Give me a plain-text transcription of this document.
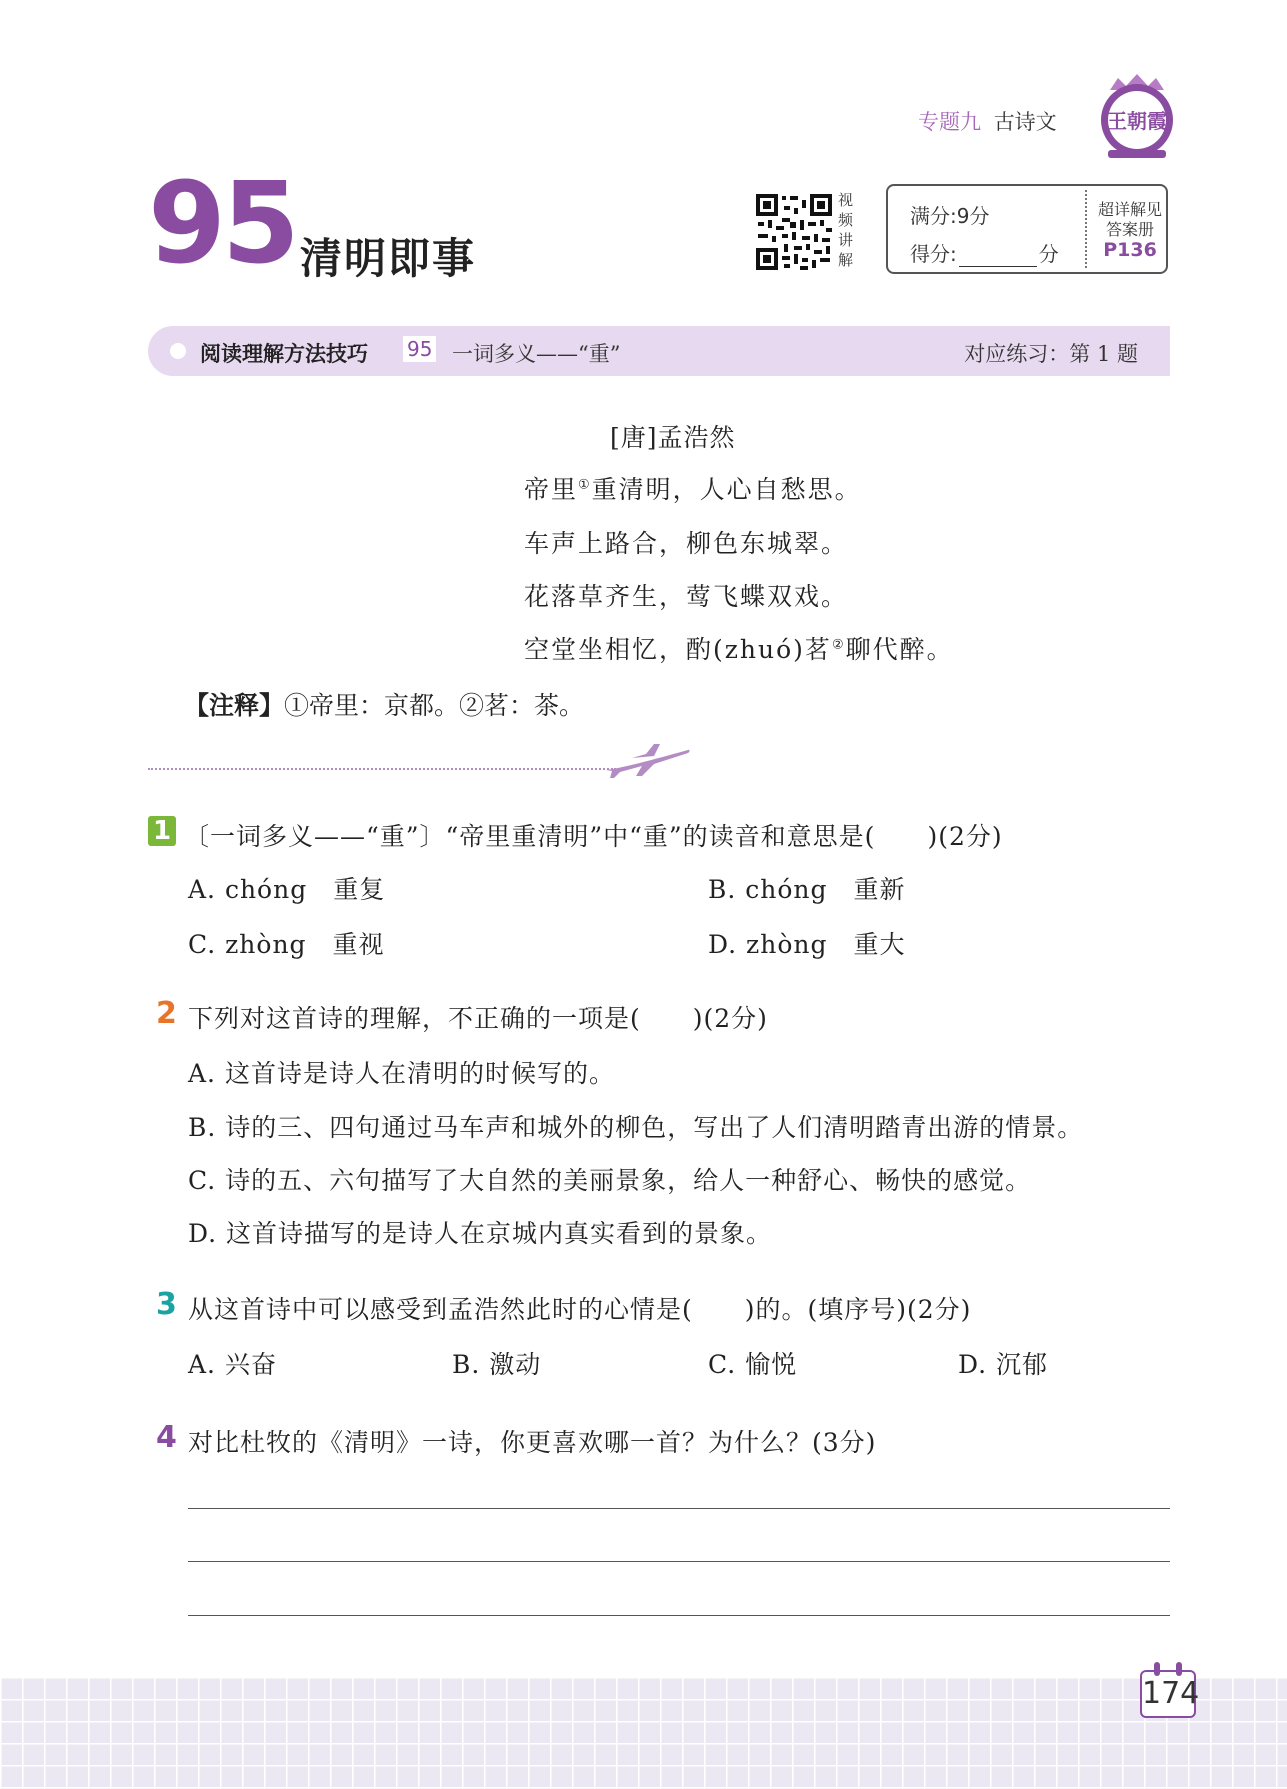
专题九 古诗文	王朝霞
95 清明即事
视频讲解
满分:9分
得分:	分
超详解见
答案册
P136
阅读理解方法技巧 95 一词多义——“重”	对应练习：第 1 题
[唐]孟浩然
帝里①重清明，人心自愁思。
车声上路合，柳色东城翠。
花落草齐生，莺飞蝶双戏。
空堂坐相忆，酌(zhuó)茗②聊代醉。
【注释】①帝里：京都。②茗：茶。
1 〔一词多义——“重”〕“帝里重清明”中“重”的读音和意思是(　　)(2分)
A. chóng　重复	B. chóng　重新
C. zhòng　重视	D. zhòng　重大
2 下列对这首诗的理解，不正确的一项是(　　)(2分)
A. 这首诗是诗人在清明的时候写的。
B. 诗的三、四句通过马车声和城外的柳色，写出了人们清明踏青出游的情景。
C. 诗的五、六句描写了大自然的美丽景象，给人一种舒心、畅快的感觉。
D. 这首诗描写的是诗人在京城内真实看到的景象。
3 从这首诗中可以感受到孟浩然此时的心情是(　　)的。(填序号)(2分)
A. 兴奋	B. 激动	C. 愉悦	D. 沉郁
4 对比杜牧的《清明》一诗，你更喜欢哪一首？为什么？(3分)
174
